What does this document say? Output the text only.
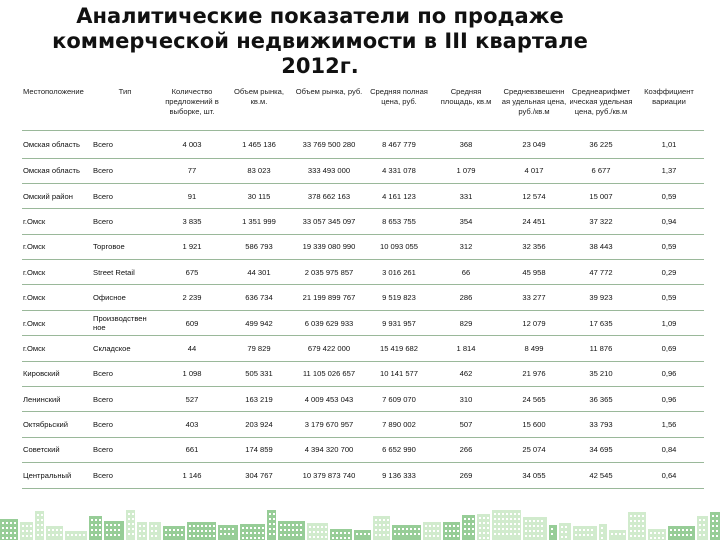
Аналитические показатели по продаже
коммерческой недвижимости в III квартале
2012г.
Местоположение	Тип	Количество предложений в выборке, шт.	Объем рынка, кв.м.	Объем рынка, руб.	Средняя полная цена, руб.	Средняя площадь, кв.м	Средневзвешенн ая удельная цена, руб./кв.м	Среднеарифмет ическая удельная цена, руб./кв.м	Коэффициент вариации
Омская область	Всего	4 003	1 465 136	33 769 500 280	8 467 779	368	23 049	36 225	1,01
Омская область	Всего	77	83 023	333 493 000	4 331 078	1 079	4 017	6 677	1,37
Омский район	Всего	91	30 115	378 662 163	4 161 123	331	12 574	15 007	0,59
г.Омск	Всего	3 835	1 351 999	33 057 345 097	8 653 755	354	24 451	37 322	0,94
г.Омск	Торговое	1 921	586 793	19 339 080 990	10 093 055	312	32 356	38 443	0,59
г.Омск	Street Retail	675	44 301	2 035 975 857	3 016 261	66	45 958	47 772	0,29
г.Омск	Офисное	2 239	636 734	21 199 899 767	9 519 823	286	33 277	39 923	0,59
г.Омск	Производствен ное	609	499 942	6 039 629 933	9 931 957	829	12 079	17 635	1,09
г.Омск	Складское	44	79 829	679 422 000	15 419 682	1 814	8 499	11 876	0,69
Кировский	Всего	1 098	505 331	11 105 026 657	10 141 577	462	21 976	35 210	0,96
Ленинский	Всего	527	163 219	4 009 453 043	7 609 070	310	24 565	36 365	0,96
Октябрьский	Всего	403	203 924	3 179 670 957	7 890 002	507	15 600	33 793	1,56
Советский	Всего	661	174 859	4 394 320 700	6 652 990	266	25 074	34 695	0,84
Центральный	Всего	1 146	304 767	10 379 873 740	9 136 333	269	34 055	42 545	0,64
